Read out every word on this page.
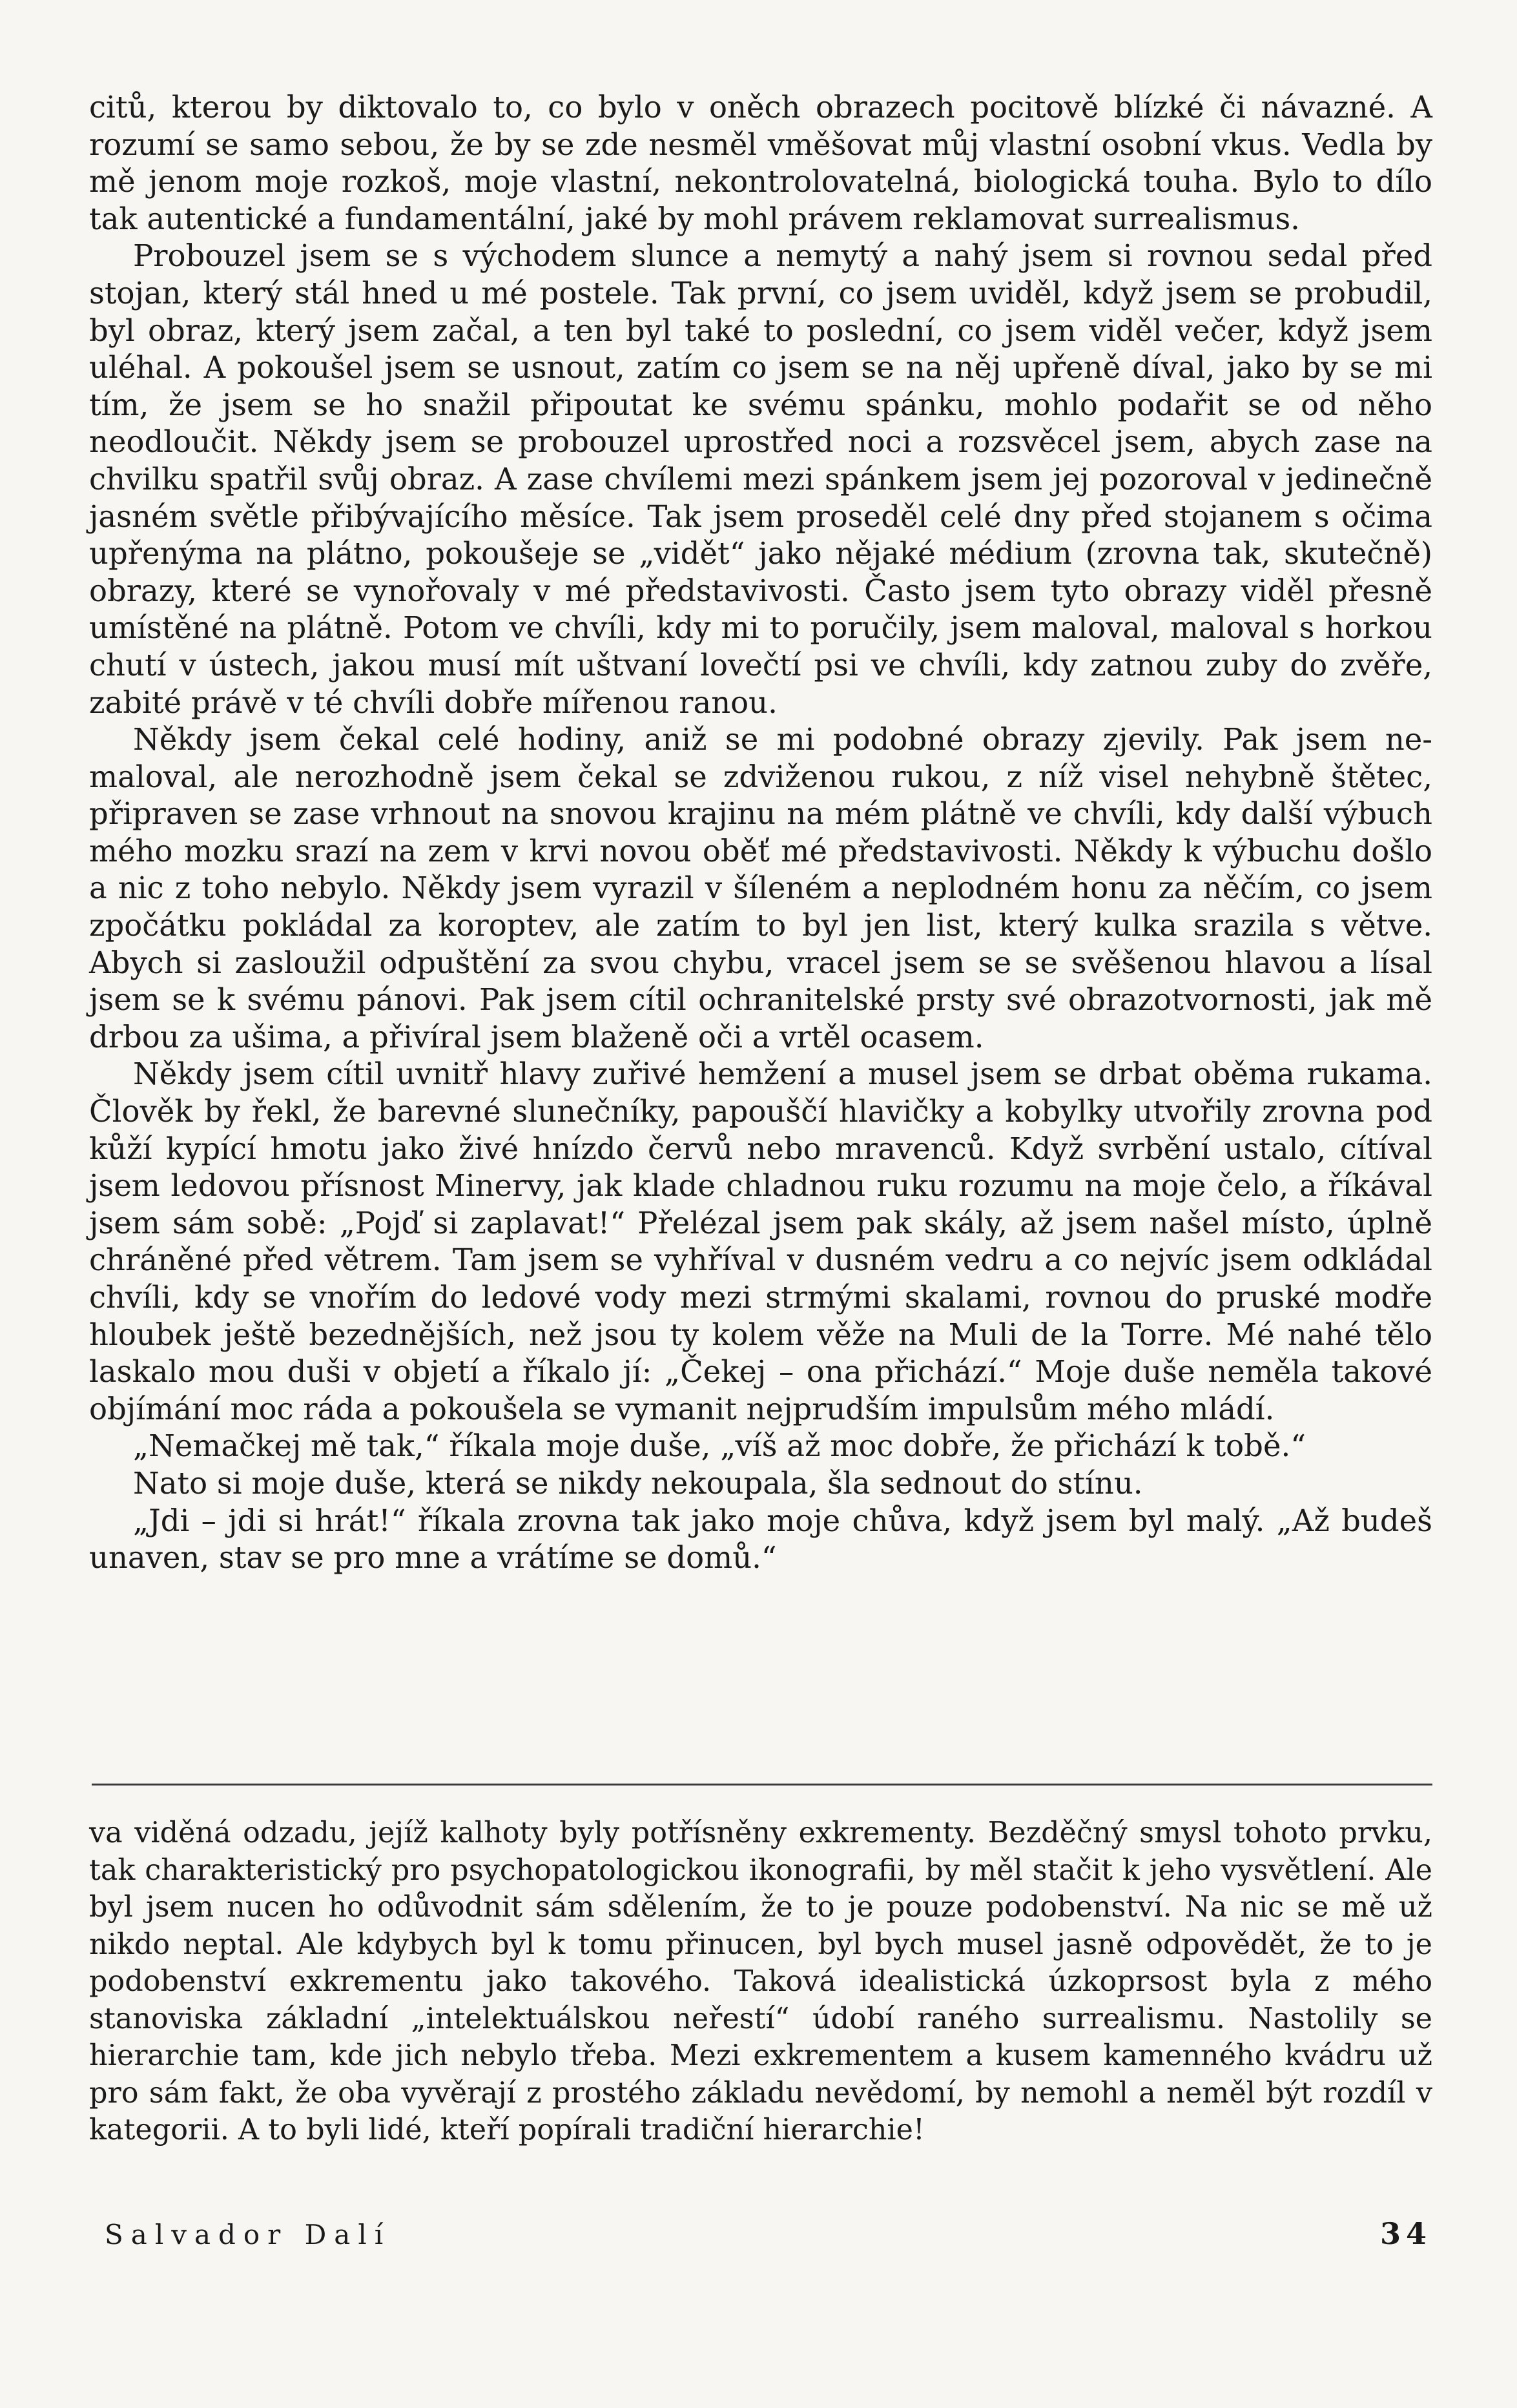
citů, kterou by diktovalo to, co bylo v oněch obrazech pocitově blízké či návazné. A rozumí se samo sebou, že by se zde nesměl vměšovat můj vlastní osobní vkus. Vedla by mě jenom moje rozkoš, moje vlastní, nekontrolovatelná, biologická touha. Bylo to dílo tak autentické a fundamentální, jaké by mohl právem reklamovat surrealismus.

Probouzel jsem se s východem slunce a nemytý a nahý jsem si rovnou sedal před stojan, který stál hned u mé postele. Tak první, co jsem uviděl, když jsem se probudil, byl obraz, který jsem začal, a ten byl také to poslední, co jsem viděl večer, když jsem uléhal. A pokoušel jsem se usnout, zatím co jsem se na něj upřeně díval, jako by se mi tím, že jsem se ho snažil připoutat ke svému spánku, mohlo podařit se od něho neodloučit. Někdy jsem se probouzel uprostřed noci a rozsvěcel jsem, abych zase na chvilku spatřil svůj obraz. A zase chvílemi mezi spánkem jsem jej pozoroval v jedinečně jasném světle přibývajícího měsíce. Tak jsem proseděl celé dny před stojanem s očima upřenýma na plátno, pokoušeje se „vidět“ jako nějaké médium (zrovna tak, skutečně) obrazy, které se vynořovaly v mé představivosti. Často jsem tyto obrazy viděl přesně umístěné na plátně. Potom ve chvíli, kdy mi to poručily, jsem maloval, maloval s horkou chutí v ústech, jakou musí mít uštvaní lovečtí psi ve chvíli, kdy zatnou zuby do zvěře, zabité právě v té chvíli dobře mířenou ranou.

Někdy jsem čekal celé hodiny, aniž se mi podobné obrazy zjevily. Pak jsem nemaloval, ale nerozhodně jsem čekal se zdviženou rukou, z níž visel nehybně štětec, připraven se zase vrhnout na snovou krajinu na mém plátně ve chvíli, kdy další výbuch mého mozku srazí na zem v krvi novou oběť mé představivosti. Někdy k výbuchu došlo a nic z toho nebylo. Někdy jsem vyrazil v šíleném a neplodném honu za něčím, co jsem zpočátku pokládal za koroptev, ale zatím to byl jen list, který kulka srazila s větve. Abych si zasloužil odpuštění za svou chybu, vracel jsem se se svěšenou hlavou a lísal jsem se k svému pánovi. Pak jsem cítil ochranitelské prsty své obrazotvornosti, jak mě drbou za ušima, a přivíral jsem blaženě oči a vrtěl ocasem.

Někdy jsem cítil uvnitř hlavy zuřivé hemžení a musel jsem se drbat oběma rukama. Člověk by řekl, že barevné slunečníky, papouščí hlavičky a kobylky utvořily zrovna pod kůží kypící hmotu jako živé hnízdo červů nebo mravenců. Když svrbění ustalo, cítíval jsem ledovou přísnost Minervy, jak klade chladnou ruku rozumu na moje čelo, a říkával jsem sám sobě: „Pojď si zaplavat!“ Přelézal jsem pak skály, až jsem našel místo, úplně chráněné před větrem. Tam jsem se vyhříval v dusném vedru a co nejvíc jsem odkládal chvíli, kdy se vnořím do ledové vody mezi strmými skalami, rovnou do pruské modře hloubek ještě bezednějších, než jsou ty kolem věže na Muli de la Torre. Mé nahé tělo laskalo mou duši v objetí a říkalo jí: „Čekej – ona přichází.“ Moje duše neměla takové objímání moc ráda a pokoušela se vymanit nejprudším impulsům mého mládí.

„Nemačkej mě tak,“ říkala moje duše, „víš až moc dobře, že přichází k tobě.“

Nato si moje duše, která se nikdy nekoupala, šla sednout do stínu.

„Jdi – jdi si hrát!“ říkala zrovna tak jako moje chůva, když jsem byl malý. „Až budeš unaven, stav se pro mne a vrátíme se domů.“

va viděná odzadu, jejíž kalhoty byly potřísněny exkrementy. Bezděčný smysl tohoto prvku, tak charakteristický pro psychopatologickou ikonografii, by měl stačit k jeho vysvětlení. Ale byl jsem nucen ho odůvodnit sám sdělením, že to je pouze podobenství. Na nic se mě už nikdo neptal. Ale kdybych byl k tomu přinucen, byl bych musel jasně odpovědět, že to je podobenství exkrementu jako takového. Taková idealistická úzkoprsost byla z mého stanoviska základní „intelektuálskou neřestí“ údobí raného surrealismu. Nastolily se hierarchie tam, kde jich nebylo třeba. Mezi exkrementem a kusem kamenného kvádru už pro sám fakt, že oba vyvěrají z prostého základu nevědomí, by nemohl a neměl být rozdíl v kategorii. A to byli lidé, kteří popírali tradiční hierarchie!

Salvador Dalí	34
